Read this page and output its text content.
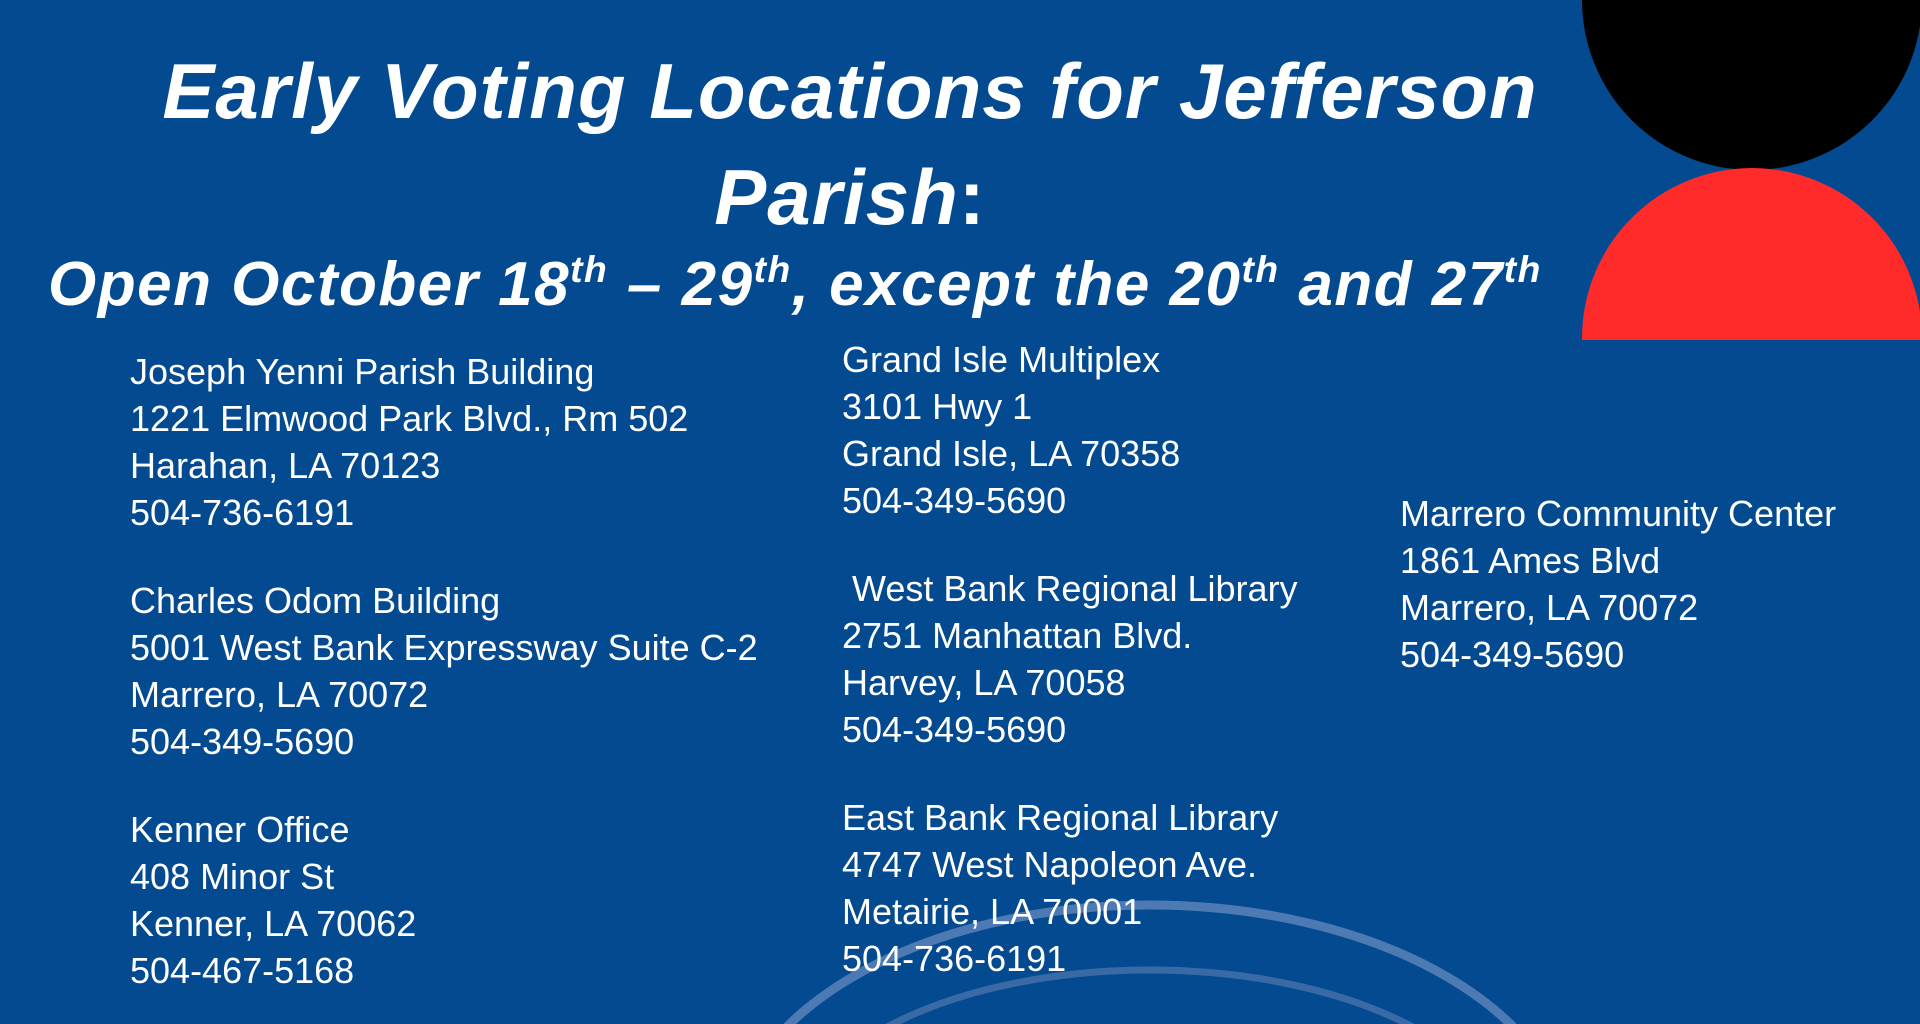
Early Voting Locations for Jefferson
Parish:
Open October 18th – 29th, except the 20th and 27th
Joseph Yenni Parish Building
1221 Elmwood Park Blvd., Rm 502
Harahan, LA 70123
504-736-6191
Charles Odom Building
5001 West Bank Expressway Suite C-2
Marrero, LA 70072
504-349-5690
Kenner Office
408 Minor St
Kenner, LA 70062
504-467-5168
Grand Isle Multiplex
3101 Hwy 1
Grand Isle, LA 70358
504-349-5690
West Bank Regional Library
2751 Manhattan Blvd.
Harvey, LA 70058
504-349-5690
East Bank Regional Library
4747 West Napoleon Ave.
Metairie, LA 70001
504-736-6191
Marrero Community Center
1861 Ames Blvd
Marrero, LA 70072
504-349-5690
